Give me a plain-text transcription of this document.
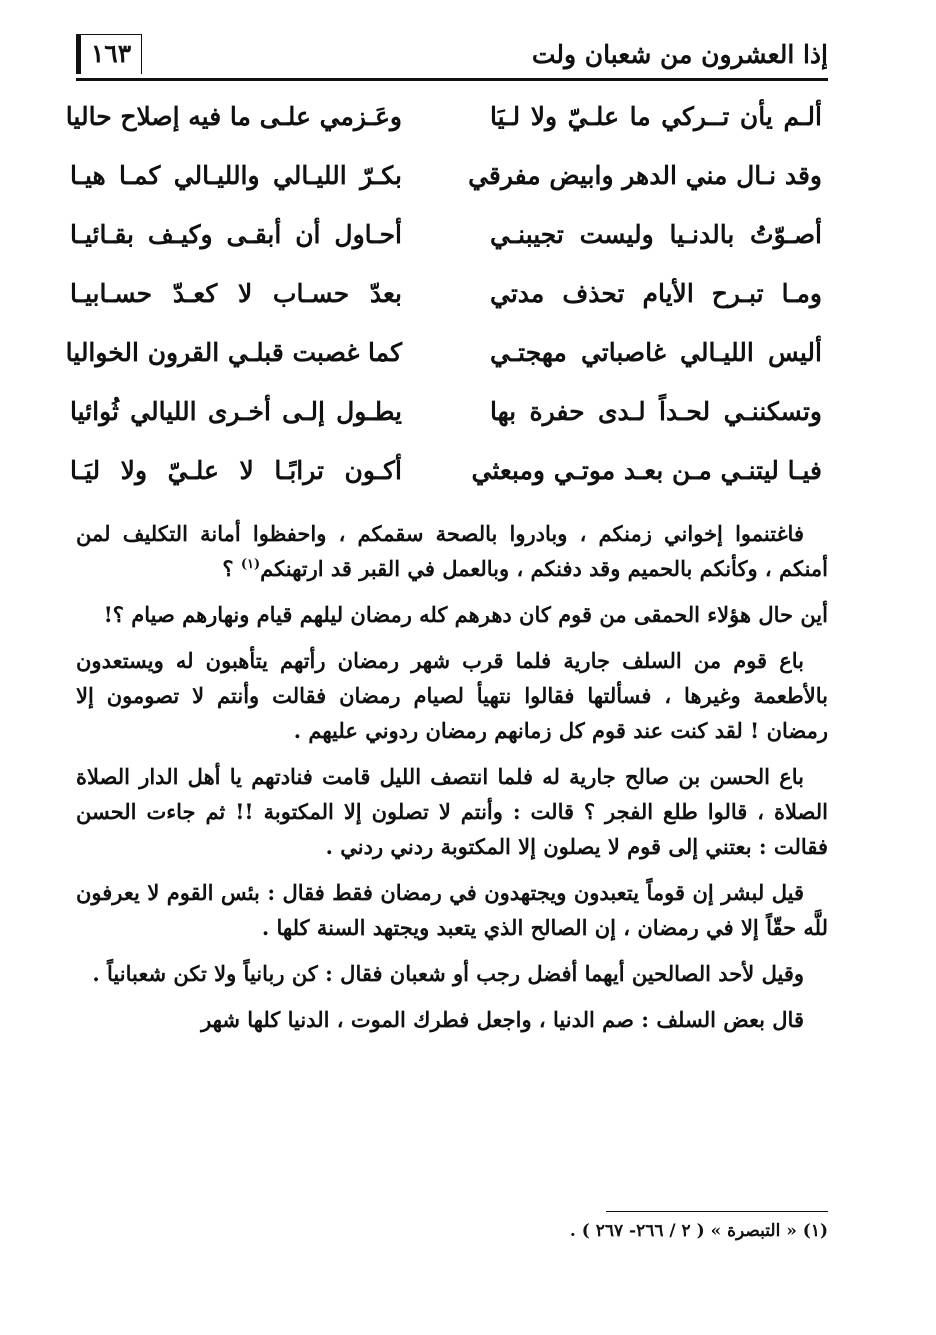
إذا العشرون من شعبان ولت
١٦٣
ألـم يأن تــركي ما علـيّ ولا لـيَا
وعَـزمي علـى ما فيه إصلاح حاليا
وقد نـال مني الدهر وابيض مفرقي
بكـرّ الليـالي والليـالي كمـا هيـا
أصـوّتُ بالدنـيا وليست تجيبنـي
أحـاول أن أبقـى وكيـف بقـائيـا
ومـا تبـرح الأيام تحذف مدتي
بعدّ حسـاب لا كعـدّ حسـابيـا
أليس الليـالي غاصباتي مهجتـي
كما غصبت قبلـي القرون الخواليا
وتسكننـي لحـداً لـدى حفرة بها
يطـول إلـى أخـرى الليالي ثُوائيا
فيـا ليتنـي مـن بعـد موتـي ومبعثي
أكـون ترابًـا لا علـيّ ولا ليَـا

فاغتنموا إخواني زمنكم ، وبادروا بالصحة سقمكم ، واحفظوا أمانة التكليف لمن أمنكم ، وكأنكم بالحميم وقد دفنكم ، وبالعمل في القبر قد ارتهنكم$^{(١)}$ ؟

أين حال هؤلاء الحمقى من قوم كان دهرهم كله رمضان ليلهم قيام ونهارهم صيام ؟!

باع قوم من السلف جارية فلما قرب شهر رمضان رأتهم يتأهبون له ويستعدون بالأطعمة وغيرها ، فسألتها فقالوا نتهيأ لصيام رمضان فقالت وأنتم لا تصومون إلا رمضان ! لقد كنت عند قوم كل زمانهم رمضان ردوني عليهم .

باع الحسن بن صالح جارية له فلما انتصف الليل قامت فنادتهم يا أهل الدار الصلاة الصلاة ، قالوا طلع الفجر ؟ قالت : وأنتم لا تصلون إلا المكتوبة !! ثم جاءت الحسن فقالت : بعتني إلى قوم لا يصلون إلا المكتوبة ردني ردني .

قيل لبشر إن قوماً يتعبدون ويجتهدون في رمضان فقط فقال : بئس القوم لا يعرفون للَّه حقّاً إلا في رمضان ، إن الصالح الذي يتعبد ويجتهد السنة كلها .

وقيل لأحد الصالحين أيهما أفضل رجب أو شعبان فقال : كن ربانياً ولا تكن شعبانياً .

قال بعض السلف : صم الدنيا ، واجعل فطرك الموت ، الدنيا كلها شهر

(١) « التبصرة » ( ٢ / ٢٦٦- ٢٦٧ ) .
